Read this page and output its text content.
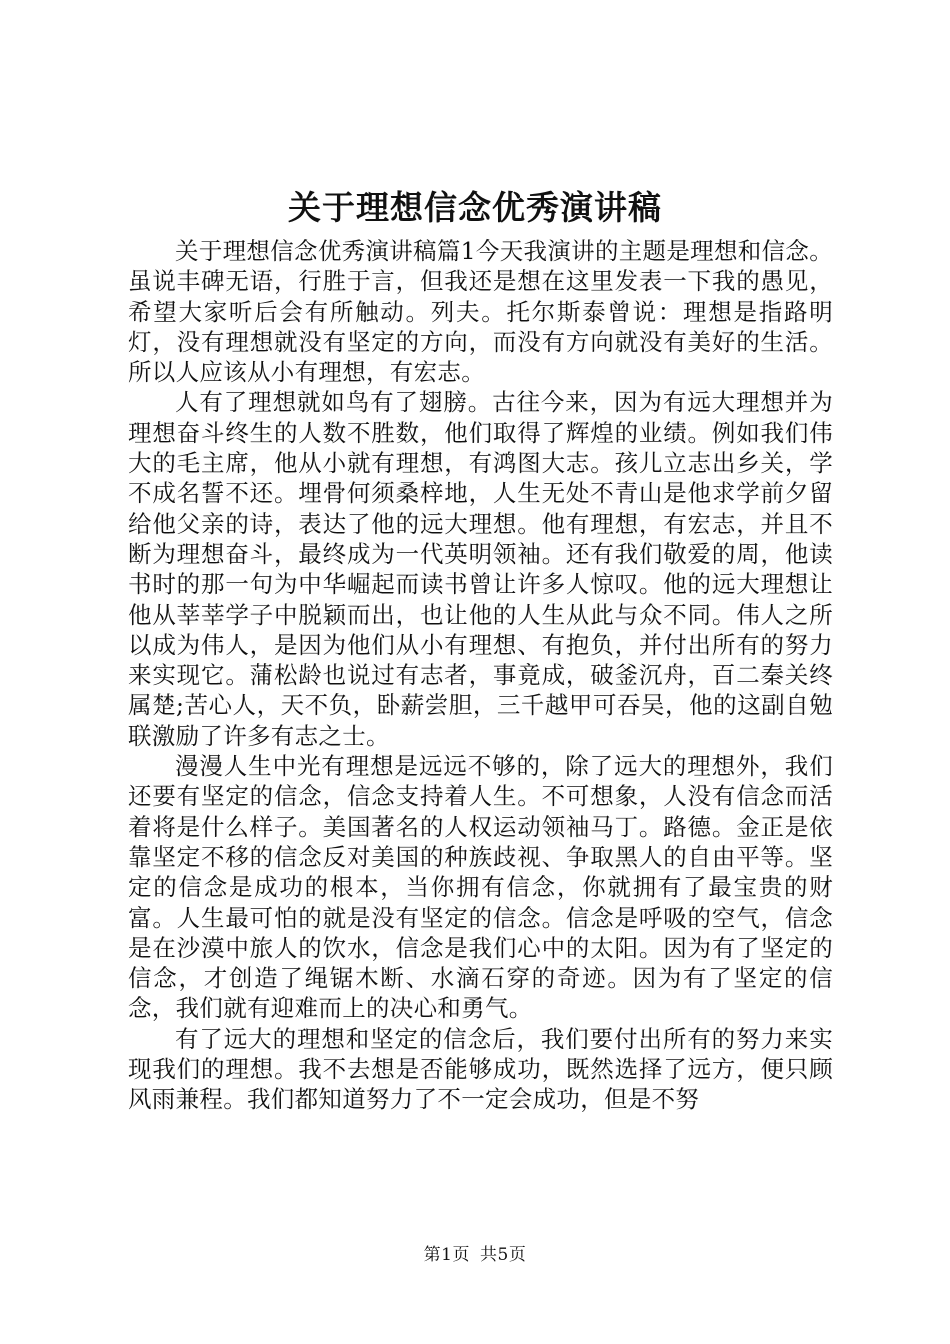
关于理想信念优秀演讲稿

关于理想信念优秀演讲稿篇1今天我演讲的主题是理想和信念。虽说丰碑无语，行胜于言，但我还是想在这里发表一下我的愚见，希望大家听后会有所触动。列夫。托尔斯泰曾说：理想是指路明灯，没有理想就没有坚定的方向，而没有方向就没有美好的生活。所以人应该从小有理想，有宏志。

人有了理想就如鸟有了翅膀。古往今来，因为有远大理想并为理想奋斗终生的人数不胜数，他们取得了辉煌的业绩。例如我们伟大的毛主席，他从小就有理想，有鸿图大志。孩儿立志出乡关，学不成名誓不还。埋骨何须桑梓地，人生无处不青山是他求学前夕留给他父亲的诗，表达了他的远大理想。他有理想，有宏志，并且不断为理想奋斗，最终成为一代英明领袖。还有我们敬爱的周，他读书时的那一句为中华崛起而读书曾让许多人惊叹。他的远大理想让他从莘莘学子中脱颖而出，也让他的人生从此与众不同。伟人之所以成为伟人，是因为他们从小有理想、有抱负，并付出所有的努力来实现它。蒲松龄也说过有志者，事竟成，破釜沉舟，百二秦关终属楚;苦心人，天不负，卧薪尝胆，三千越甲可吞吴，他的这副自勉联激励了许多有志之士。

漫漫人生中光有理想是远远不够的，除了远大的理想外，我们还要有坚定的信念，信念支持着人生。不可想象，人没有信念而活着将是什么样子。美国著名的人权运动领袖马丁。路德。金正是依靠坚定不移的信念反对美国的种族歧视、争取黑人的自由平等。坚定的信念是成功的根本，当你拥有信念，你就拥有了最宝贵的财富。人生最可怕的就是没有坚定的信念。信念是呼吸的空气，信念是在沙漠中旅人的饮水，信念是我们心中的太阳。因为有了坚定的信念，才创造了绳锯木断、水滴石穿的奇迹。因为有了坚定的信念，我们就有迎难而上的决心和勇气。

有了远大的理想和坚定的信念后，我们要付出所有的努力来实现我们的理想。我不去想是否能够成功，既然选择了远方，便只顾风雨兼程。我们都知道努力了不一定会成功，但是不努

第1页 共5页
